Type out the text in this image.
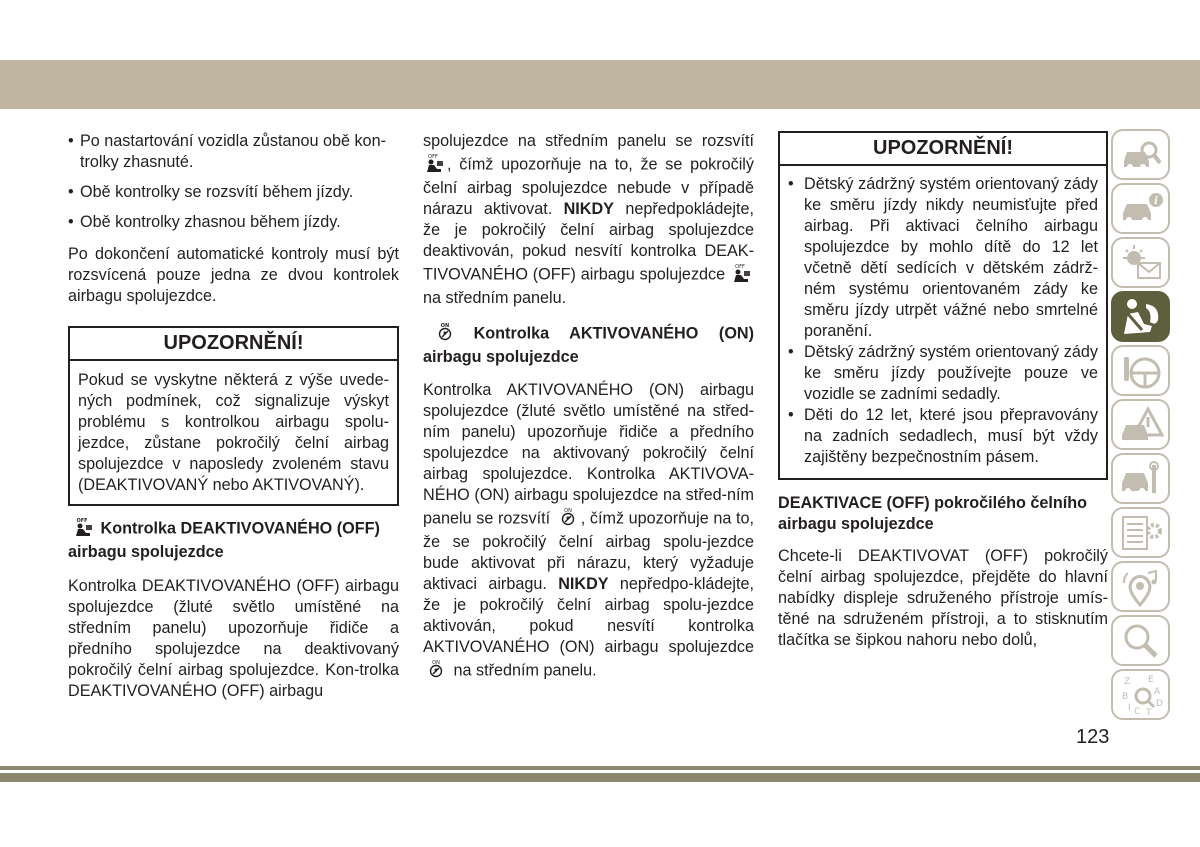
• Po nastartování vozidla zůstanou obě kon-trolky zhasnuté.
• Obě kontrolky se rozsvítí během jízdy.
• Obě kontrolky zhasnou během jízdy.

Po dokončení automatické kontroly musí být rozsvícená pouze jedna ze dvou kontrolek airbagu spolujezdce.

UPOZORNĚNÍ!
Pokud se vyskytne některá z výše uvede-ných podmínek, což signalizuje výskyt problému s kontrolkou airbagu spolu-jezdce, zůstane pokročilý čelní airbag spolujezdce v naposledy zvoleném stavu (DEAKTIVOVANÝ nebo AKTIVOVANÝ).

OFF Kontrolka DEAKTIVOVANÉHO (OFF) airbagu spolujezdce

Kontrolka DEAKTIVOVANÉHO (OFF) airbagu spolujezdce (žluté světlo umístěné na středním panelu) upozorňuje řidiče a předního spolujezdce na deaktivovaný pokročilý čelní airbag spolujezdce. Kon-trolka DEAKTIVOVANÉHO (OFF) airbagu

spolujezdce na středním panelu se rozsvítí
OFF , čímž upozorňuje na to, že se pokročilý čelní airbag spolujezdce nebude v případě nárazu aktivovat. NIKDY nepředpokládejte, že je pokročilý čelní airbag spolujezdce deaktivován, pokud nesvítí kontrolka DEAK-TIVOVANÉHO (OFF) airbagu spolujezdce OFF
na středním panelu.

ON Kontrolka AKTIVOVANÉHO (ON) airbagu spolujezdce

Kontrolka AKTIVOVANÉHO (ON) airbagu spolujezdce (žluté světlo umístěné na střed-ním panelu) upozorňuje řidiče a předního spolujezdce na aktivovaný pokročilý čelní airbag spolujezdce. Kontrolka AKTIVOVA-NÉHO (ON) airbagu spolujezdce na střed-ním panelu se rozsvítí	ON , čímž upozorňuje na to, že se pokročilý čelní airbag spolu-jezdce bude aktivovat při nárazu, který vyžaduje aktivaci airbagu. NIKDY nepředpo-kládejte, že je pokročilý čelní airbag spolu-jezdce aktivován, pokud nesvítí kontrolka AKTIVOVANÉHO (ON) airbagu spolujezdce
ON na středním panelu.

UPOZORNĚNÍ!
• Dětský zádržný systém orientovaný zády ke směru jízdy nikdy neumisťujte před airbag. Při aktivaci čelního airbagu spolujezdce by mohlo dítě do 12 let včetně dětí sedících v dětském zádrž-ném systému orientovaném zády ke směru jízdy utrpět vážné nebo smrtelné poranění.
• Dětský zádržný systém orientovaný zády ke směru jízdy používejte pouze ve vozidle se zadními sedadly.
• Děti do 12 let, které jsou přepravovány na zadních sedadlech, musí být vždy zajištěny bezpečnostním pásem.

DEAKTIVACE (OFF) pokročilého čelního airbagu spolujezdce

Chcete-li DEAKTIVOVAT (OFF) pokročilý čelní airbag spolujezdce, přejděte do hlavní nabídky displeje sdruženého přístroje umís-těné na sdruženém přístroji, a to stisknutím tlačítka se šipkou nahoru nebo dolů,

i
Z E
B	A
D
I C T
123
